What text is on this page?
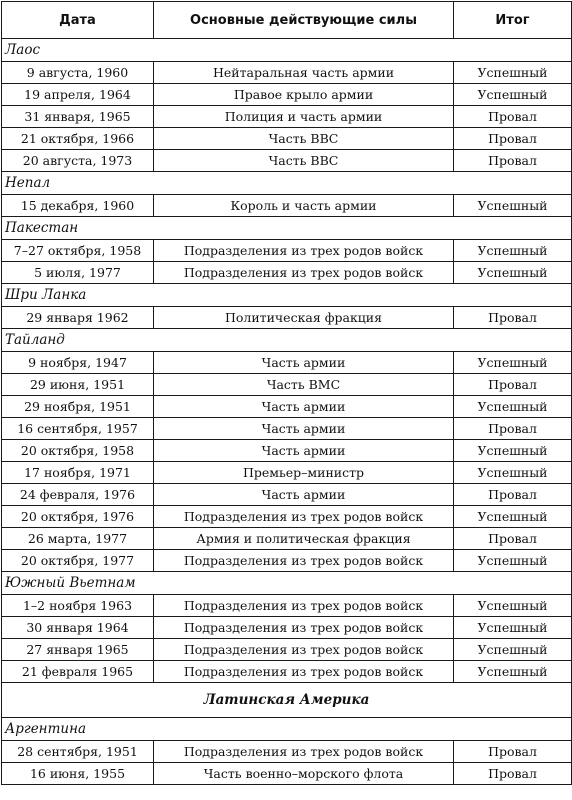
Дата	Основные действующие силы	Итог
Лаос		
9 августа, 1960	Нейтаральная часть армии	Успешный
19 апреля, 1964	Правое крыло армии	Успешный
31 января, 1965	Полиция и часть армии	Провал
21 октября, 1966	Часть ВВС	Провал
20 августа, 1973	Часть ВВС	Провал
Непал		
15 декабря, 1960	Король и часть армии	Успешный
Пакестан		
7–27 октября, 1958	Подразделения из трех родов войск	Успешный
5 июля, 1977	Подразделения из трех родов войск	Успешный
Шри Ланка		
29 января 1962	Политическая фракция	Провал
Тайланд		
9 ноября, 1947	Часть армии	Успешный
29 июня, 1951	Часть ВМС	Провал
29 ноября, 1951	Часть армии	Успешный
16 сентября, 1957	Часть армии	Провал
20 октября, 1958	Часть армии	Успешный
17 ноября, 1971	Премьер–министр	Успешный
24 февраля, 1976	Часть армии	Провал
20 октября, 1976	Подразделения из трех родов войск	Успешный
26 марта, 1977	Армия и политическая фракция	Провал
20 октября, 1977	Подразделения из трех родов войск	Успешный
Южный Вьетнам		
1–2 ноября 1963	Подразделения из трех родов войск	Успешный
30 января 1964	Подразделения из трех родов войск	Успешный
27 января 1965	Подразделения из трех родов войск	Успешный
21 февраля 1965	Подразделения из трех родов войск	Успешный
Латинская Америка		
Аргентина		
28 сентября, 1951	Подразделения из трех родов войск	Провал
16 июня, 1955	Часть военно–морского флота	Провал
